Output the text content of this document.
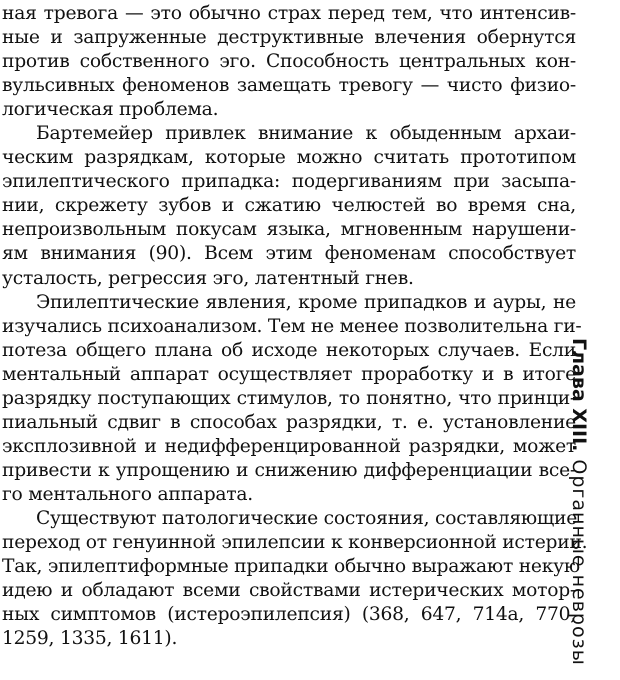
ная тревога — это обычно страх перед тем, что интенсив-
ные и запруженные деструктивные влечения обернутся
против собственного эго. Способность центральных кон-
вульсивных феноменов замещать тревогу — чисто физио-
логическая проблема.
Бартемейер привлек внимание к обыденным архаи-
ческим разрядкам, которые можно считать прототипом
эпилептического припадка: подергиваниям при засыпа-
нии, скрежету зубов и сжатию челюстей во время сна,
непроизвольным покусам языка, мгновенным нарушени-
ям внимания (90). Всем этим феноменам способствует
усталость, регрессия эго, латентный гнев.
Эпилептические явления, кроме припадков и ауры, не
изучались психоанализом. Тем не менее позволительна ги-
потеза общего плана об исходе некоторых случаев. Если
ментальный аппарат осуществляет проработку и в итоге
разрядку поступающих стимулов, то понятно, что принци-
пиальный сдвиг в способах разрядки, т. е. установление
эксплозивной и недифференцированной разрядки, может
привести к упрощению и снижению дифференциации все-
го ментального аппарата.
Существуют патологические состояния, составляющие
переход от генуинной эпилепсии к конверсионной истерии.
Так, эпилептиформные припадки обычно выражают некую
идею и обладают всеми свойствами истерических мотор-
ных симптомов (истероэпилепсия) (368, 647, 714а, 770,
1259, 1335, 1611).
Глава XIII.Органные неврозы
